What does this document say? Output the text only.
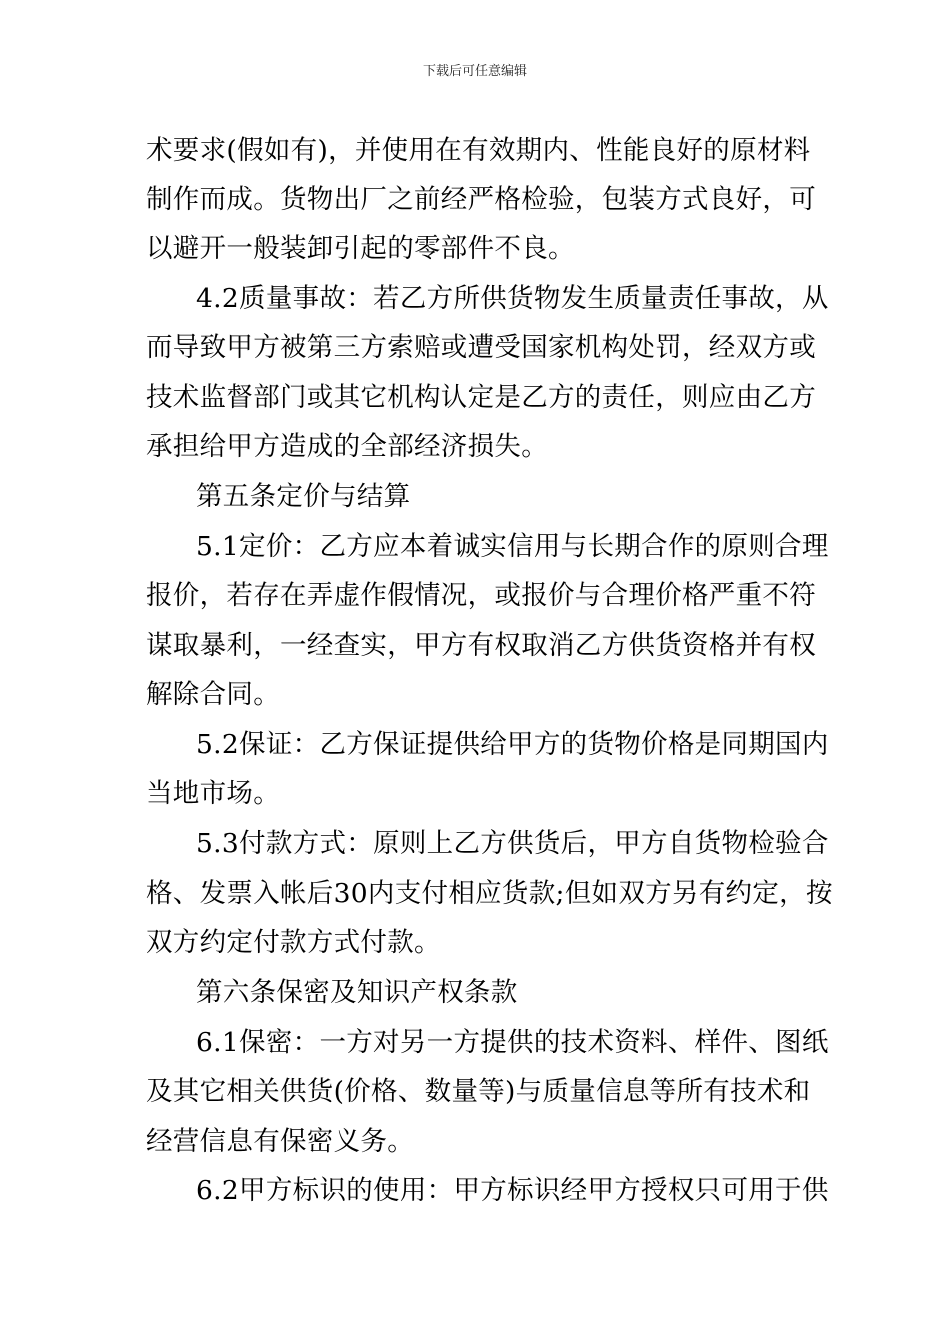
下载后可任意编辑
术要求(假如有)，并使用在有效期内、性能良好的原材料
制作而成。货物出厂之前经严格检验，包装方式良好，可
以避开一般装卸引起的零部件不良。
4.2质量事故：若乙方所供货物发生质量责任事故，从
而导致甲方被第三方索赔或遭受国家机构处罚，经双方或
技术监督部门或其它机构认定是乙方的责任，则应由乙方
承担给甲方造成的全部经济损失。
第五条定价与结算
5.1定价：乙方应本着诚实信用与长期合作的原则合理
报价，若存在弄虚作假情况，或报价与合理价格严重不符
谋取暴利，一经查实，甲方有权取消乙方供货资格并有权
解除合同。
5.2保证：乙方保证提供给甲方的货物价格是同期国内
当地市场。
5.3付款方式：原则上乙方供货后，甲方自货物检验合
格、发票入帐后30内支付相应货款;但如双方另有约定，按
双方约定付款方式付款。
第六条保密及知识产权条款
6.1保密：一方对另一方提供的技术资料、样件、图纸
及其它相关供货(价格、数量等)与质量信息等所有技术和
经营信息有保密义务。
6.2甲方标识的使用：甲方标识经甲方授权只可用于供
